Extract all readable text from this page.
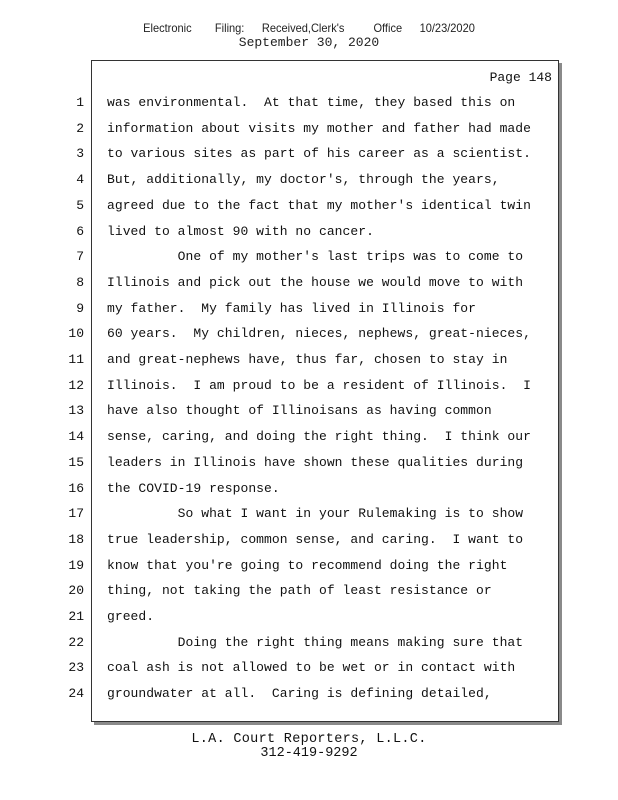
Electronic    Filing:   Received,Clerk's     Office   10/23/2020
September 30, 2020
Page 148
1 was environmental.  At that time, they based this on
2 information about visits my mother and father had made
3 to various sites as part of his career as a scientist.
4 But, additionally, my doctor's, through the years,
5 agreed due to the fact that my mother's identical twin
6 lived to almost 90 with no cancer.
7 One of my mother's last trips was to come to
8 Illinois and pick out the house we would move to with
9 my father.  My family has lived in Illinois for
10 60 years.  My children, nieces, nephews, great-nieces,
11 and great-nephews have, thus far, chosen to stay in
12 Illinois.  I am proud to be a resident of Illinois.  I
13 have also thought of Illinoisans as having common
14 sense, caring, and doing the right thing.  I think our
15 leaders in Illinois have shown these qualities during
16 the COVID-19 response.
17 So what I want in your Rulemaking is to show
18 true leadership, common sense, and caring.  I want to
19 know that you're going to recommend doing the right
20 thing, not taking the path of least resistance or
21 greed.
22 Doing the right thing means making sure that
23 coal ash is not allowed to be wet or in contact with
24 groundwater at all.  Caring is defining detailed,
L.A. Court Reporters, L.L.C.
312-419-9292
